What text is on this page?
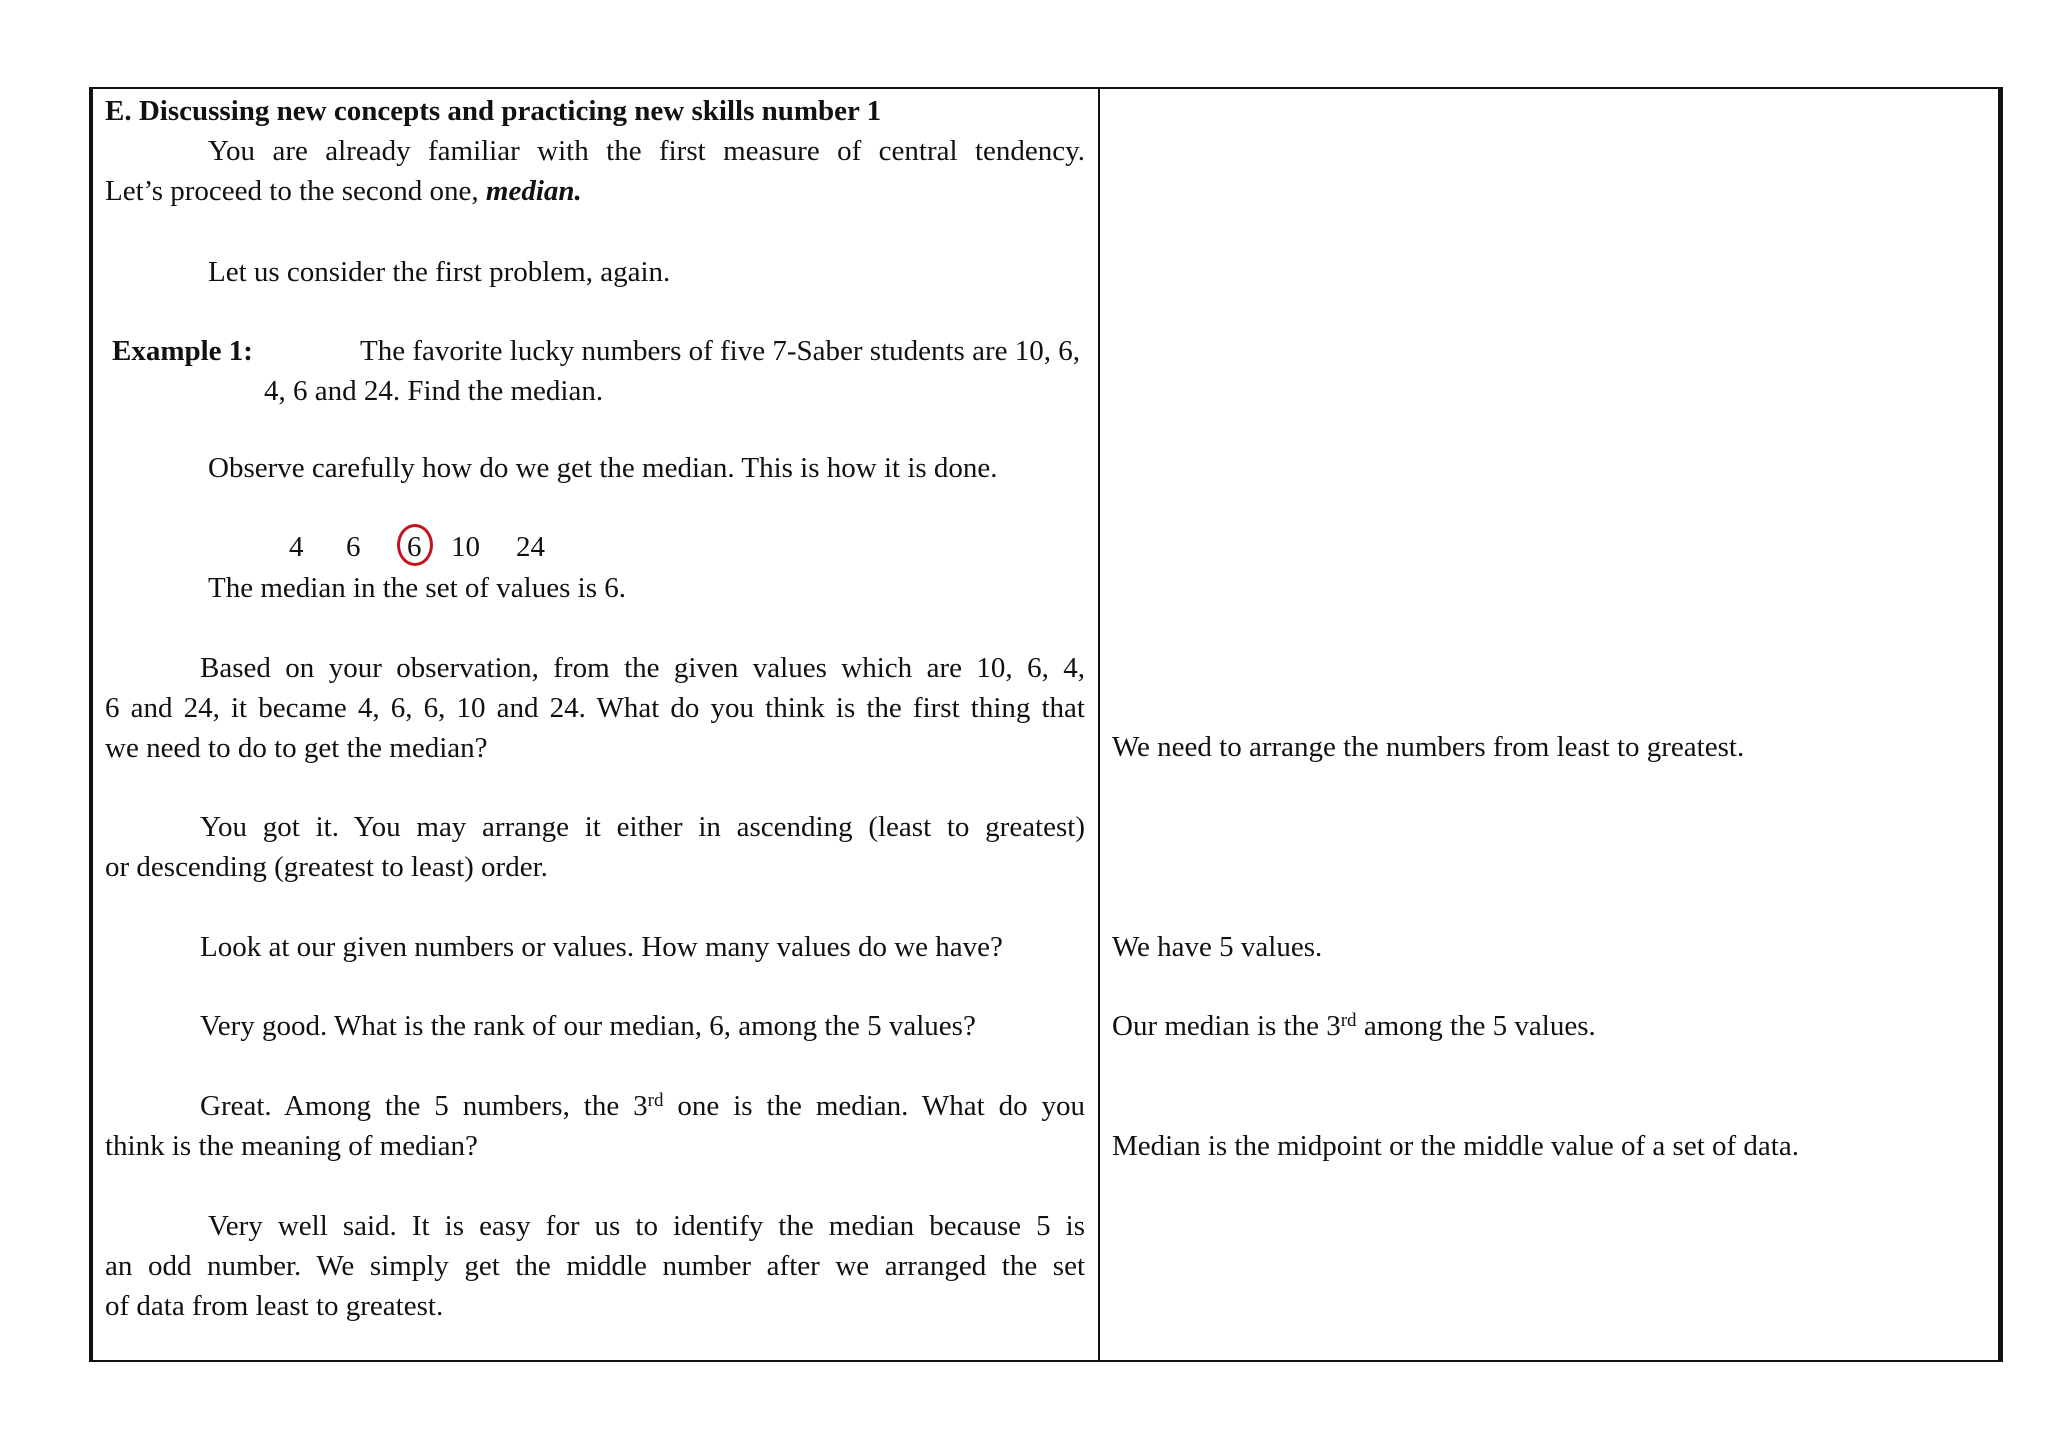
E. Discussing new concepts and practicing new skills number 1
You are already familiar with the first measure of central tendency.
Let’s proceed to the second one, median.
Let us consider the first problem, again.
Example 1:	The favorite lucky numbers of five 7-Saber students are 10, 6,
4, 6 and 24. Find the median.
Observe carefully how do we get the median. This is how it is done.
4 6 6 10 24
The median in the set of values is 6.
Based on your observation, from the given values which are 10, 6, 4,
6 and 24, it became 4, 6, 6, 10 and 24. What do you think is the first thing that
we need to do to get the median?
You got it. You may arrange it either in ascending (least to greatest)
or descending (greatest to least) order.
Look at our given numbers or values. How many values do we have?
Very good. What is the rank of our median, 6, among the 5 values?
Great. Among the 5 numbers, the 3rd one is the median. What do you
think is the meaning of median?
Very well said. It is easy for us to identify the median because 5 is
an odd number. We simply get the middle number after we arranged the set
of data from least to greatest.
We need to arrange the numbers from least to greatest.
We have 5 values.
Our median is the 3rd among the 5 values.
Median is the midpoint or the middle value of a set of data.
